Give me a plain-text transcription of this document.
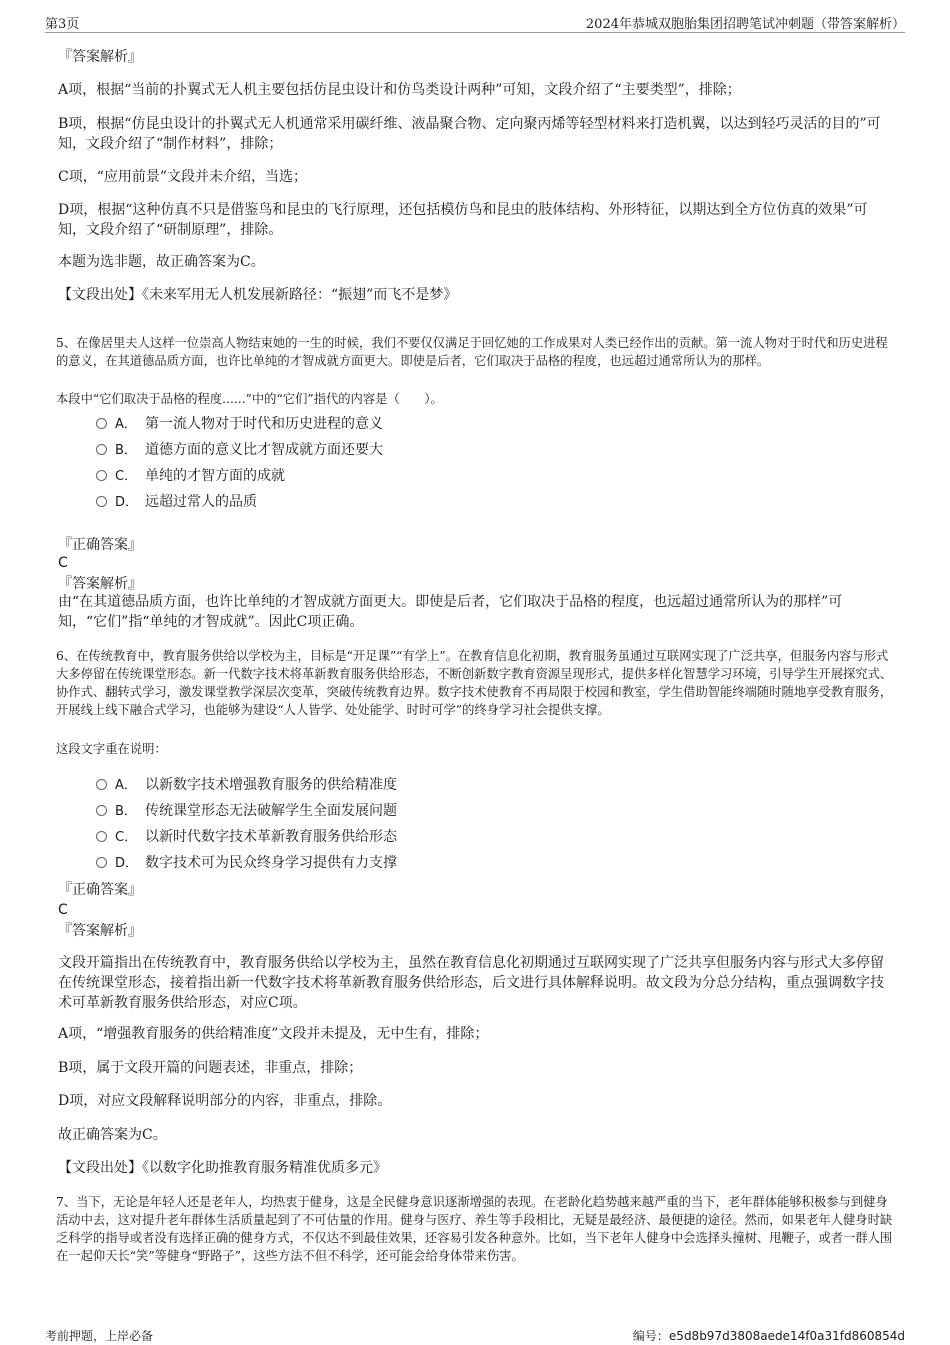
第3页	2024年恭城双胞胎集团招聘笔试冲刺题（带答案解析）
『答案解析』
A项，根据“当前的扑翼式无人机主要包括仿昆虫设计和仿鸟类设计两种”可知，文段介绍了“主要类型”，排除；
B项，根据“仿昆虫设计的扑翼式无人机通常采用碳纤维、液晶聚合物、定向聚丙烯等轻型材料来打造机翼，以达到轻巧灵活的目的”可知，文段介绍了“制作材料”，排除；
C项，“应用前景”文段并未介绍，当选；
D项，根据“这种仿真不只是借鉴鸟和昆虫的飞行原理，还包括模仿鸟和昆虫的肢体结构、外形特征，以期达到全方位仿真的效果”可知，文段介绍了“研制原理”，排除。
本题为选非题，故正确答案为C。
【文段出处】《未来军用无人机发展新路径：“振翅”而飞不是梦》
5、在像居里夫人这样一位崇高人物结束她的一生的时候，我们不要仅仅满足于回忆她的工作成果对人类已经作出的贡献。第一流人物对于时代和历史进程的意义，在其道德品质方面，也许比单纯的才智成就方面更大。即使是后者，它们取决于品格的程度，也远超过通常所认为的那样。
本段中“它们取决于品格的程度......”中的“它们”指代的内容是（　　）。
A． 第一流人物对于时代和历史进程的意义
B． 道德方面的意义比才智成就方面还要大
C． 单纯的才智方面的成就
D． 远超过常人的品质
『正确答案』
C
『答案解析』
由“在其道德品质方面，也许比单纯的才智成就方面更大。即使是后者，它们取决于品格的程度，也远超过通常所认为的那样”可知，“它们”指“单纯的才智成就”。因此C项正确。
6、在传统教育中，教育服务供给以学校为主，目标是“开足课”“有学上”。在教育信息化初期，教育服务虽通过互联网实现了广泛共享，但服务内容与形式大多停留在传统课堂形态。新一代数字技术将革新教育服务供给形态，不断创新数字教育资源呈现形式，提供多样化智慧学习环境，引导学生开展探究式、协作式、翻转式学习，激发课堂教学深层次变革，突破传统教育边界。数字技术使教育不再局限于校园和教室，学生借助智能终端随时随地享受教育服务，开展线上线下融合式学习，也能够为建设“人人皆学、处处能学、时时可学”的终身学习社会提供支撑。
这段文字重在说明：
A． 以新数字技术增强教育服务的供给精准度
B． 传统课堂形态无法破解学生全面发展问题
C． 以新时代数字技术革新教育服务供给形态
D． 数字技术可为民众终身学习提供有力支撑
『正确答案』
C
『答案解析』
文段开篇指出在传统教育中，教育服务供给以学校为主，虽然在教育信息化初期通过互联网实现了广泛共享但服务内容与形式大多停留在传统课堂形态，接着指出新一代数字技术将革新教育服务供给形态，后文进行具体解释说明。故文段为分总分结构，重点强调数字技术可革新教育服务供给形态，对应C项。
A项，“增强教育服务的供给精准度”文段并未提及，无中生有，排除；
B项，属于文段开篇的问题表述，非重点，排除；
D项，对应文段解释说明部分的内容，非重点，排除。
故正确答案为C。
【文段出处】《以数字化助推教育服务精准优质多元》
7、当下，无论是年轻人还是老年人，均热衷于健身，这是全民健身意识逐渐增强的表现。在老龄化趋势越来越严重的当下，老年群体能够积极参与到健身活动中去，这对提升老年群体生活质量起到了不可估量的作用。健身与医疗、养生等手段相比，无疑是最经济、最便捷的途径。然而，如果老年人健身时缺乏科学的指导或者没有选择正确的健身方式，不仅达不到最佳效果，还容易引发各种意外。比如，当下老年人健身中会选择头撞树、甩鞭子，或者一群人围在一起仰天长“笑”等健身“野路子”，这些方法不但不科学，还可能会给身体带来伤害。
考前押题，上岸必备	编号：e5d8b97d3808aede14f0a31fd860854d
